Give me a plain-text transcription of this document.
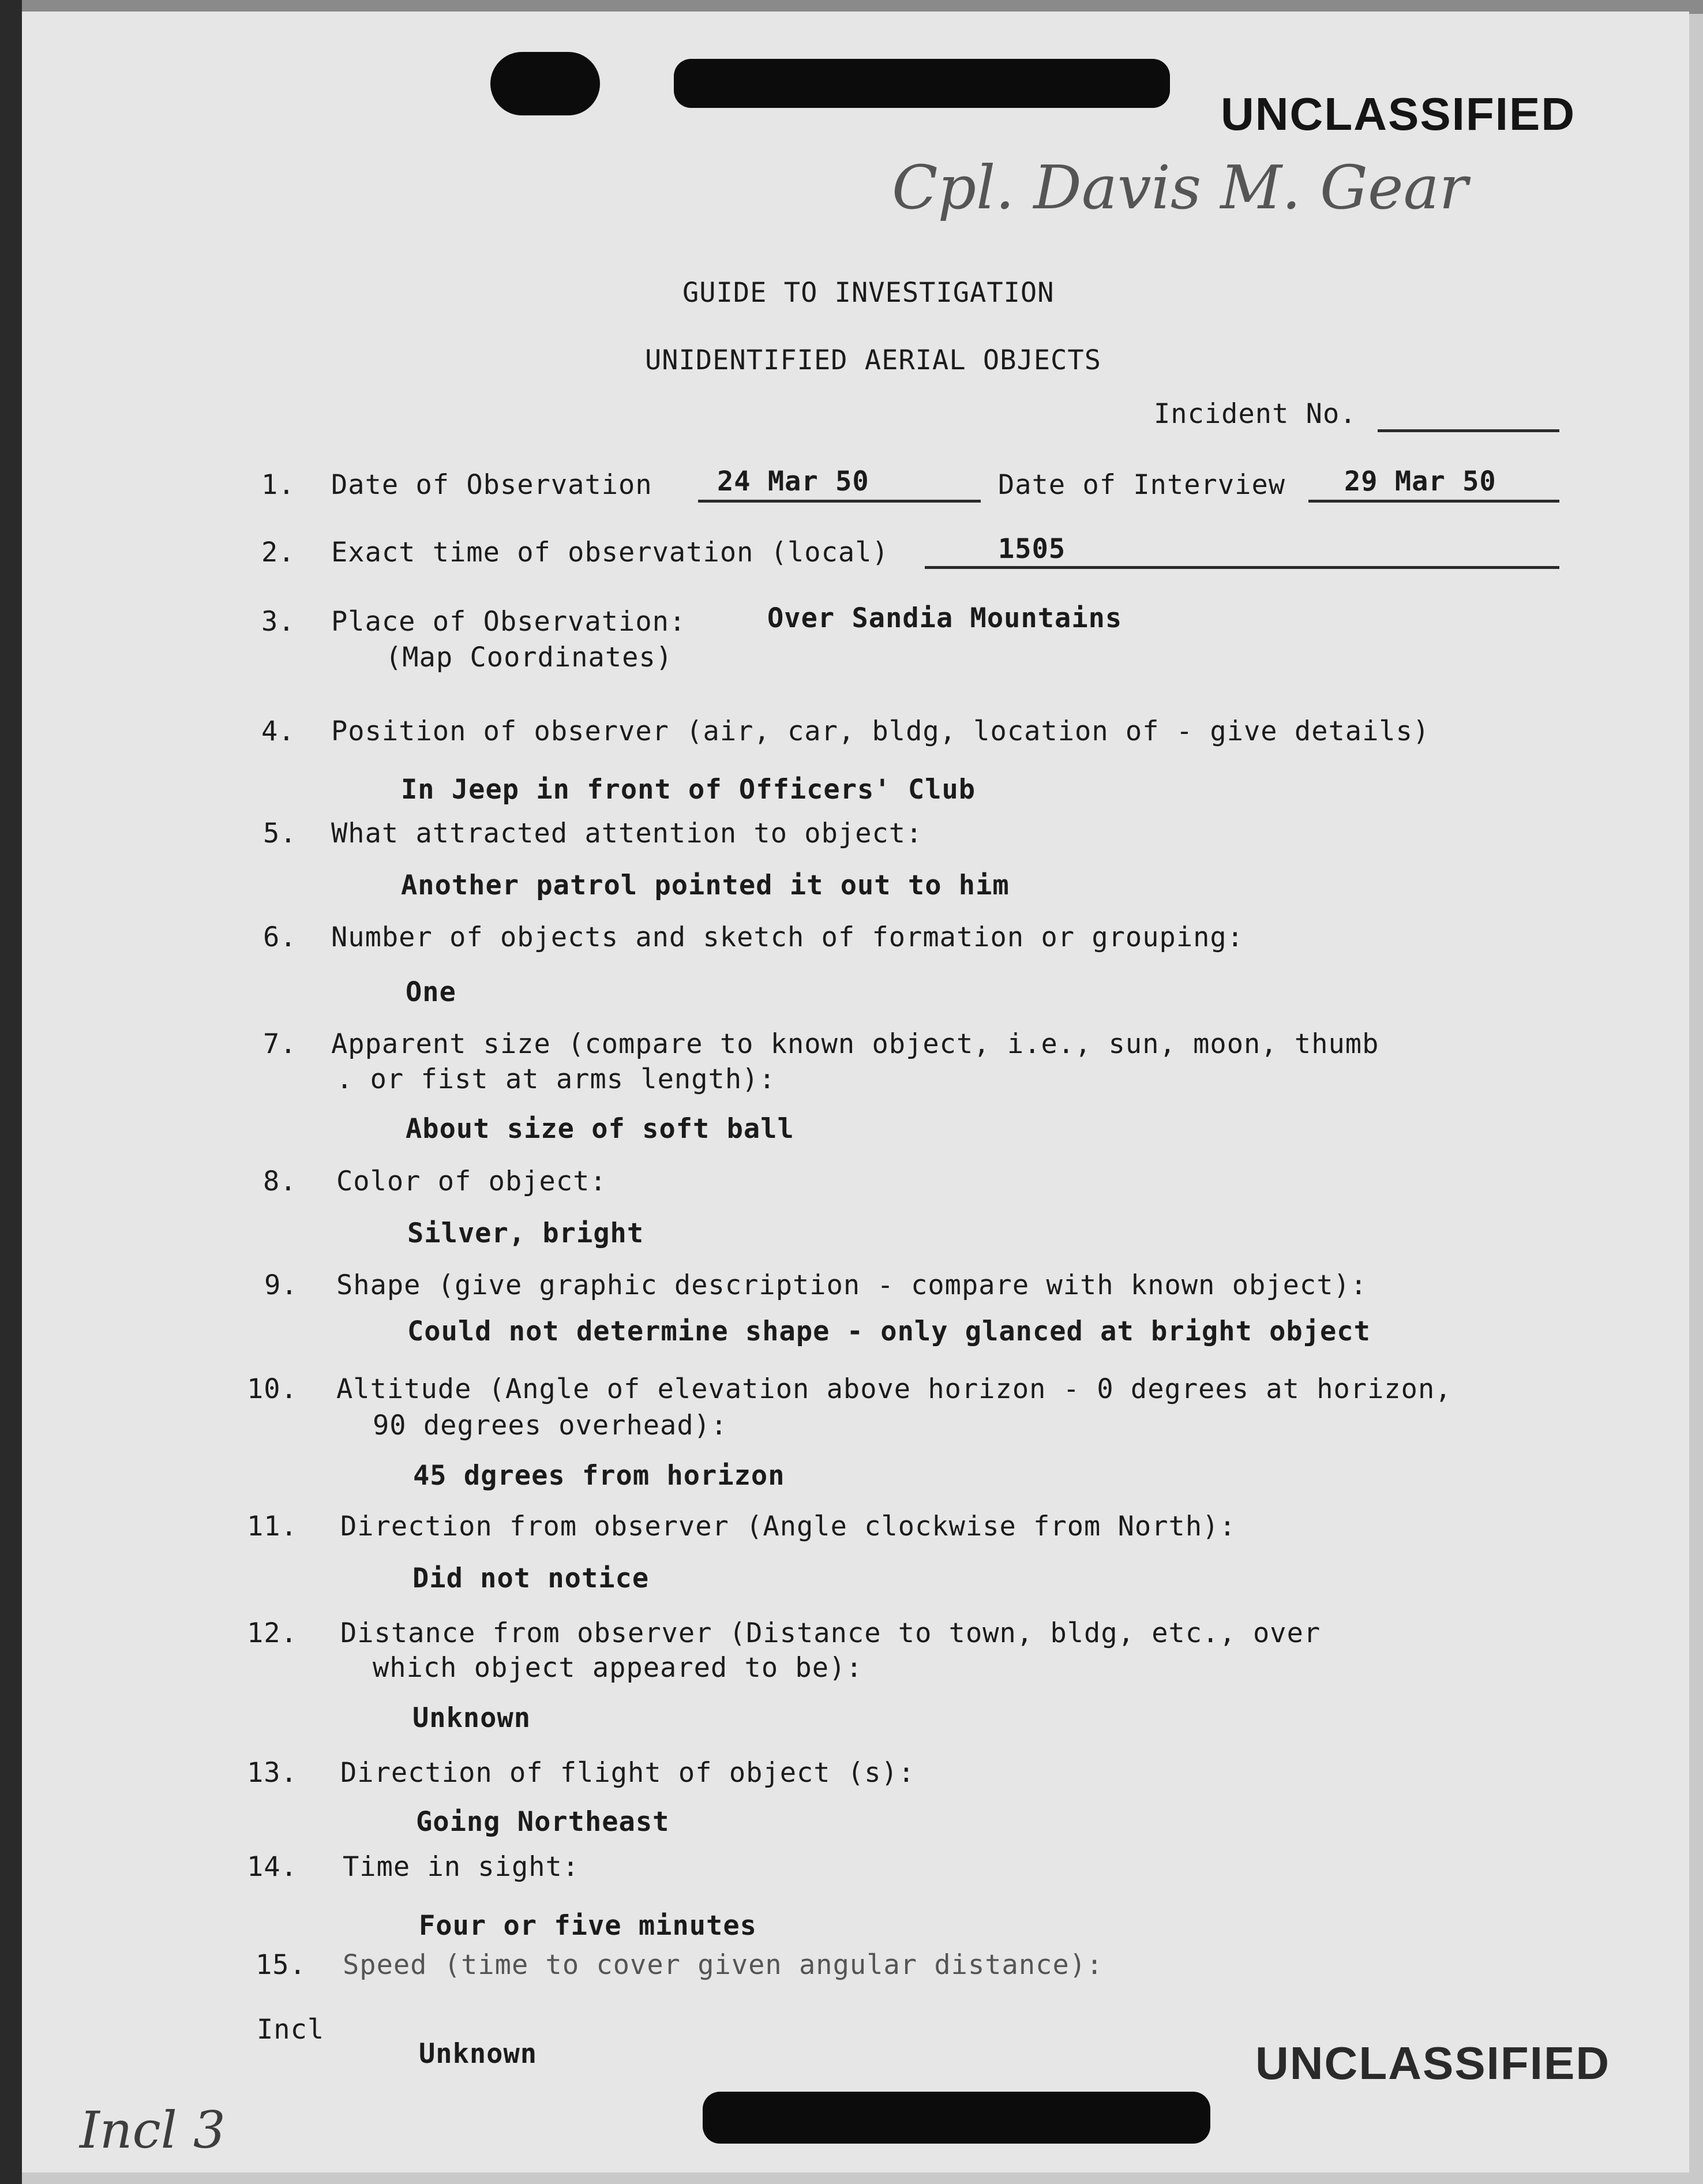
CONFIDENTIAL
UNCLASSIFIED
Cpl. Davis M. Gear
GUIDE TO INVESTIGATION
UNIDENTIFIED AERIAL OBJECTS
Incident No.
1. Date of Observation 24 Mar 50	Date of Interview 29 Mar 50
2. Exact time of observation (local)	1505
3. Place of Observation:
(Map Coordinates)
Over Sandia Mountains
4. Position of observer (air, car, bldg, location of - give details)
In Jeep in front of Officers' Club
5. What attracted attention to object:
Another patrol pointed it out to him
6. Number of objects and sketch of formation or grouping:
One
7. Apparent size (compare to known object, i.e., sun, moon, thumb
. or fist at arms length):
About size of soft ball
8. Color of object:
Silver, bright
9. Shape (give graphic description - compare with known object):
Could not determine shape - only glanced at bright object
10. Altitude (Angle of elevation above horizon - 0 degrees at horizon,
90 degrees overhead):
45 dgrees from horizon
11. Direction from observer (Angle clockwise from North):
Did not notice
12. Distance from observer (Distance to town, bldg, etc., over
which object appeared to be):
Unknown
13. Direction of flight of object (s):
Going Northeast
14. Time in sight:
Four or five minutes
15. Speed (time to cover given angular distance):
Unknown
Incl
UNCLASSIFIED
RESTRICTED
Incl 3
